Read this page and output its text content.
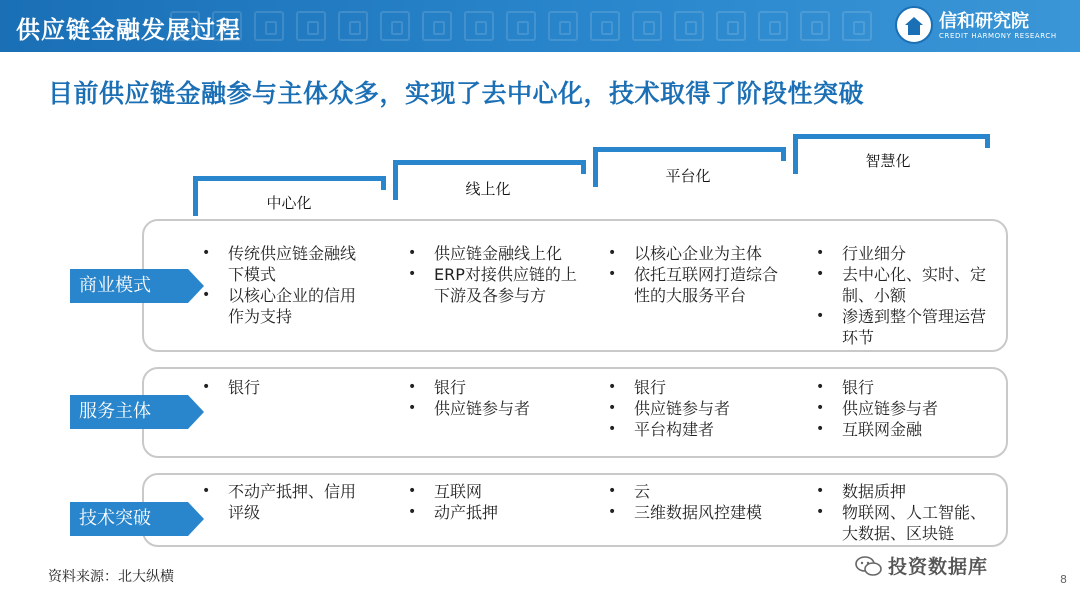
供应链金融发展过程	信和研究院
CREDIT HARMONY RESEARCH
目前供应链金融参与主体众多，实现了去中心化，技术取得了阶段性突破
中心化
线上化
平台化
智慧化
商业模式
• 传统供应链金融线下模式
• 以核心企业的信用作为支持
• 供应链金融线上化
• ERP对接供应链的上下游及各参与方
• 以核心企业为主体
• 依托互联网打造综合性的大服务平台
• 行业细分
• 去中心化、实时、定制、小额
• 渗透到整个管理运营环节
服务主体
• 银行
•	银行
• 供应链参与者
• 银行
• 供应链参与者
• 平台构建者
• 银行
• 供应链参与者
• 互联网金融
技术突破
• 不动产抵押、信用评级
• 互联网
• 动产抵押
• 云
• 三维数据风控建模
• 数据质押
• 物联网、人工智能、大数据、区块链
资料来源：北大纵横	投资数据库
8
